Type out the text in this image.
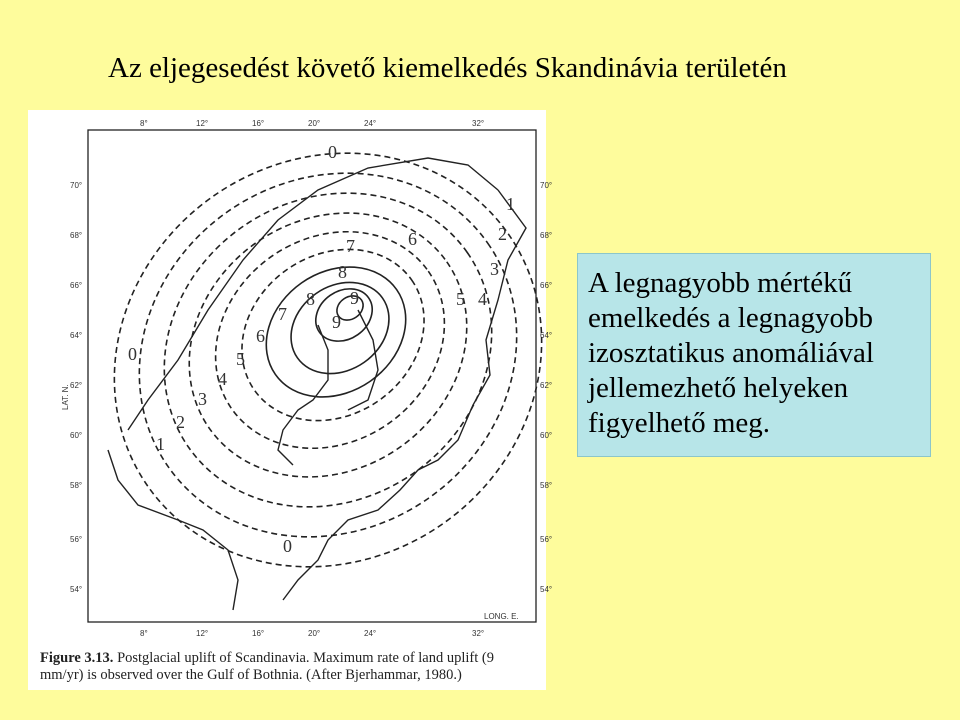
Az eljegesedést követő kiemelkedés Skandinávia területén
8°	12°	16°	20°	24°	32°
8°	12°	16°	20°	24°	32°
70°
68°
66°
64°
62°
60°
58°
56°
54°
70°
68°
66°
64°
62°
60°
58°
56°
54°
LAT. N.
LONG. E.
0
0
0
1
1
2
2
3
3
4
4
5
5
6
6
7
7
8
8
9
9
Figure 3.13. Postglacial uplift of Scandinavia. Maximum rate of land uplift (9 mm/yr) is observed over the Gulf of Bothnia. (After Bjerhammar, 1980.)
A legnagyobb mértékű
emelkedés a legnagyobb
izosztatikus anomáliával
jellemezhető helyeken
figyelhető meg.
